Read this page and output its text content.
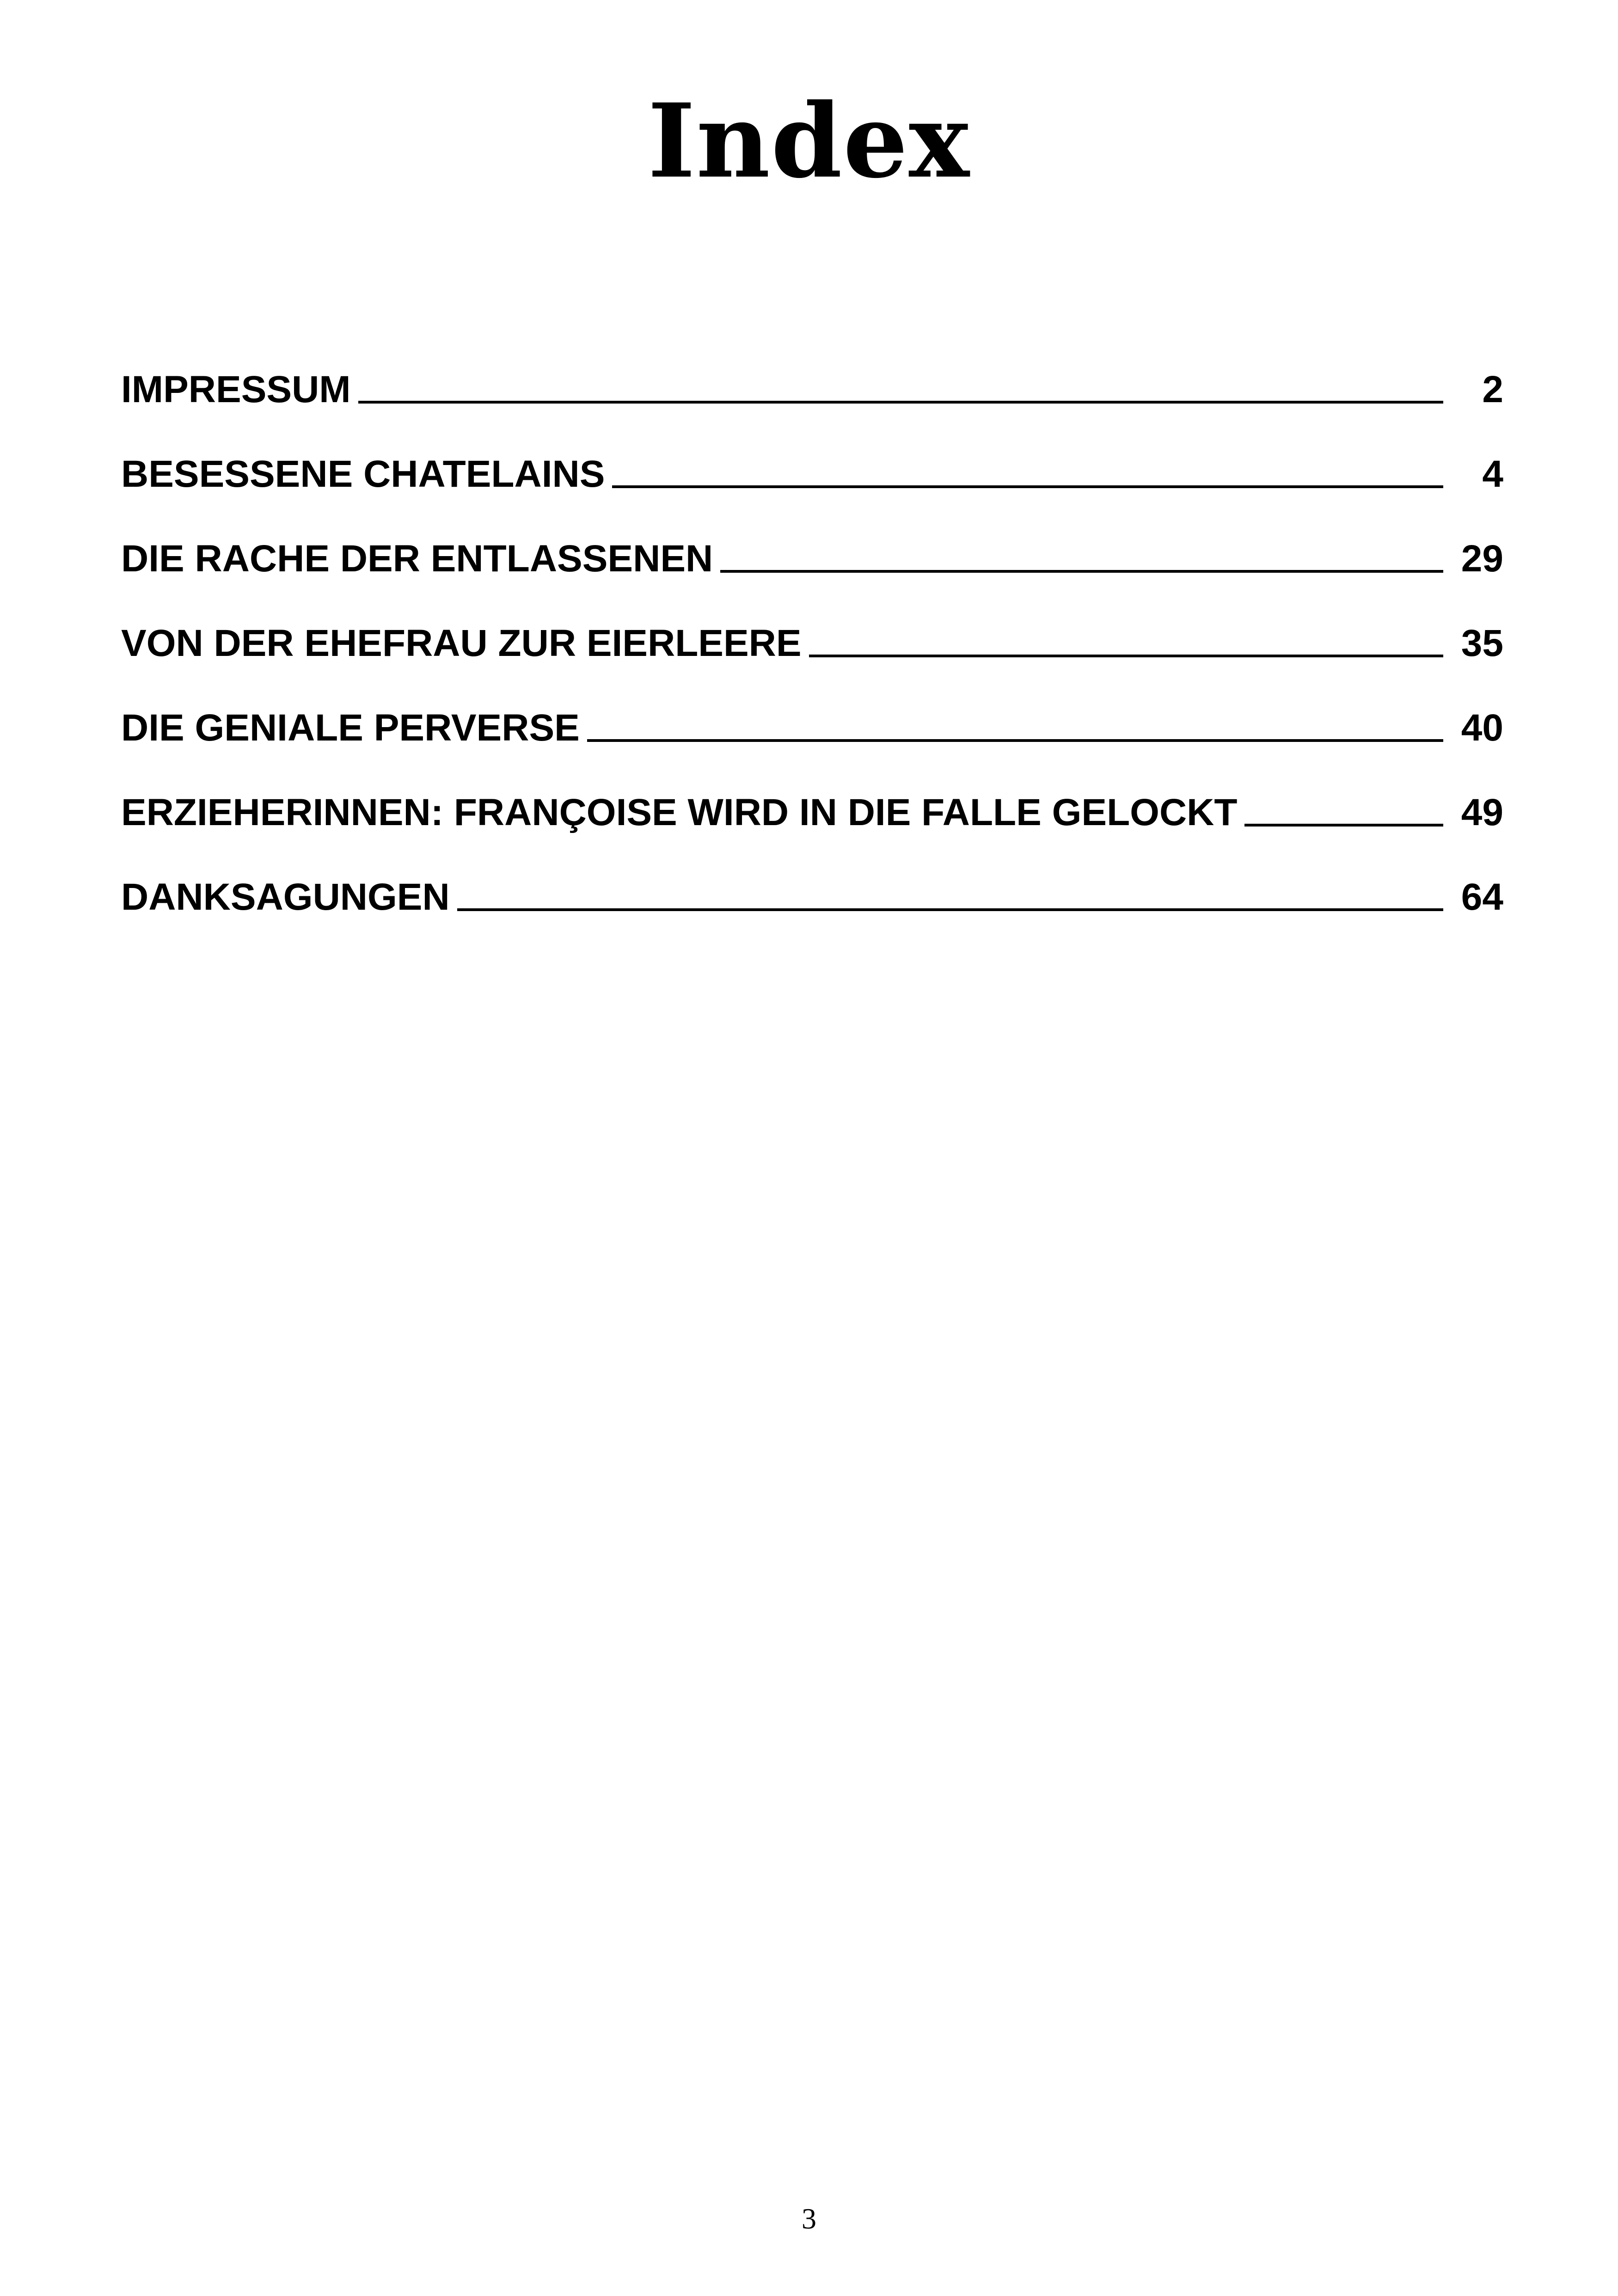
Index
IMPRESSUM	2
BESESSENE CHATELAINS	4
DIE RACHE DER ENTLASSENEN	29
VON DER EHEFRAU ZUR EIERLEERE	35
DIE GENIALE PERVERSE	40
ERZIEHERINNEN: FRANÇOISE WIRD IN DIE FALLE GELOCKT	49
DANKSAGUNGEN	64
3
